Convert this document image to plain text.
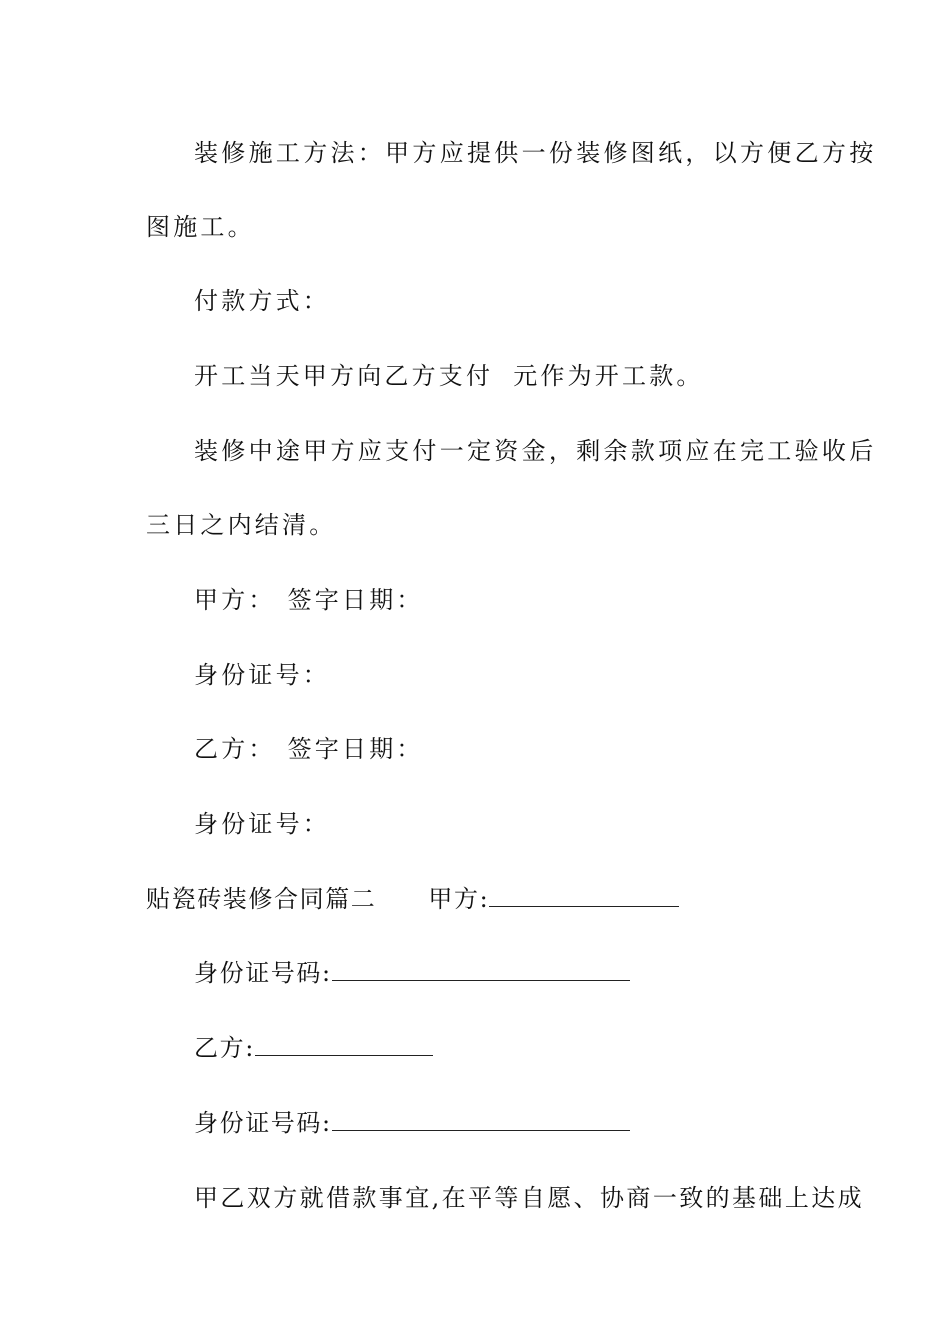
装修施工方法：甲方应提供一份装修图纸，以方便乙方按
图施工。
付款方式：
开工当天甲方向乙方支付 元作为开工款。
装修中途甲方应支付一定资金，剩余款项应在完工验收后
三日之内结清。
甲方： 签字日期：
身份证号：
乙方： 签字日期：
身份证号：
贴瓷砖装修合同篇二 甲方:
身份证号码:
乙方:
身份证号码:
甲乙双方就借款事宜,在平等自愿、协商一致的基础上达成
